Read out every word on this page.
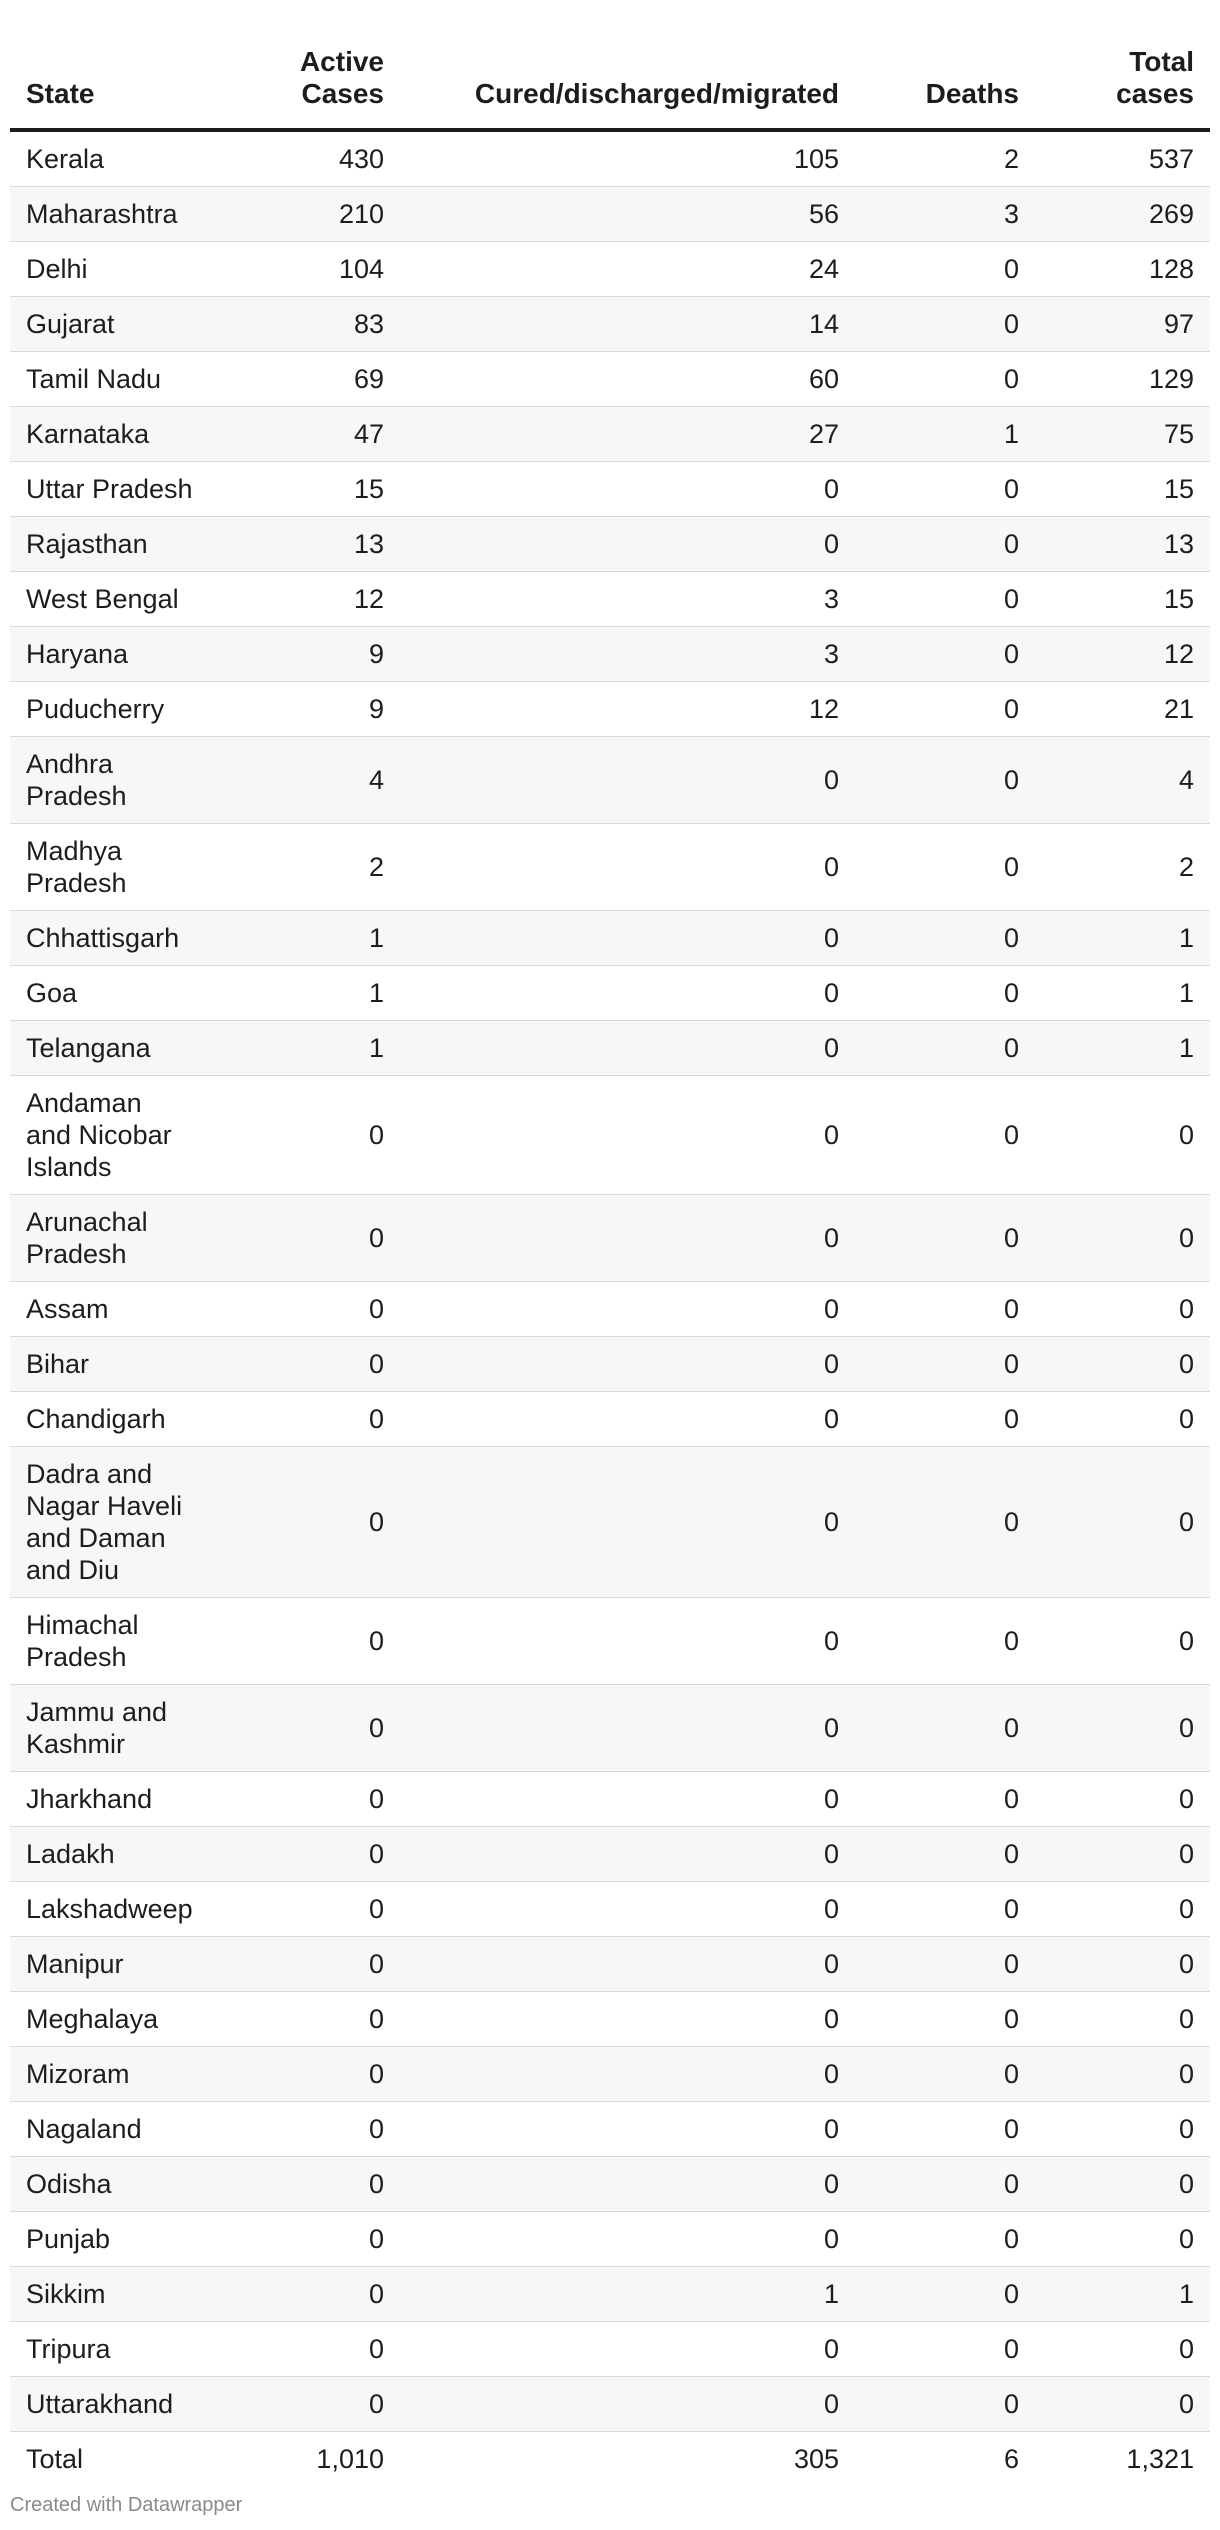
State	Active Cases	Cured/discharged/migrated	Deaths	Total cases
Kerala	430	105	2	537
Maharashtra	210	56	3	269
Delhi	104	24	0	128
Gujarat	83	14	0	97
Tamil Nadu	69	60	0	129
Karnataka	47	27	1	75
Uttar Pradesh	15	0	0	15
Rajasthan	13	0	0	13
West Bengal	12	3	0	15
Haryana	9	3	0	12
Puducherry	9	12	0	21
Andhra Pradesh	4	0	0	4
Madhya Pradesh	2	0	0	2
Chhattisgarh	1	0	0	1
Goa	1	0	0	1
Telangana	1	0	0	1
Andaman and Nicobar Islands	0	0	0	0
Arunachal Pradesh	0	0	0	0
Assam	0	0	0	0
Bihar	0	0	0	0
Chandigarh	0	0	0	0
Dadra and Nagar Haveli and Daman and Diu	0	0	0	0
Himachal Pradesh	0	0	0	0
Jammu and Kashmir	0	0	0	0
Jharkhand	0	0	0	0
Ladakh	0	0	0	0
Lakshadweep	0	0	0	0
Manipur	0	0	0	0
Meghalaya	0	0	0	0
Mizoram	0	0	0	0
Nagaland	0	0	0	0
Odisha	0	0	0	0
Punjab	0	0	0	0
Sikkim	0	1	0	1
Tripura	0	0	0	0
Uttarakhand	0	0	0	0
Total	1,010	305	6	1,321
Created with Datawrapper
